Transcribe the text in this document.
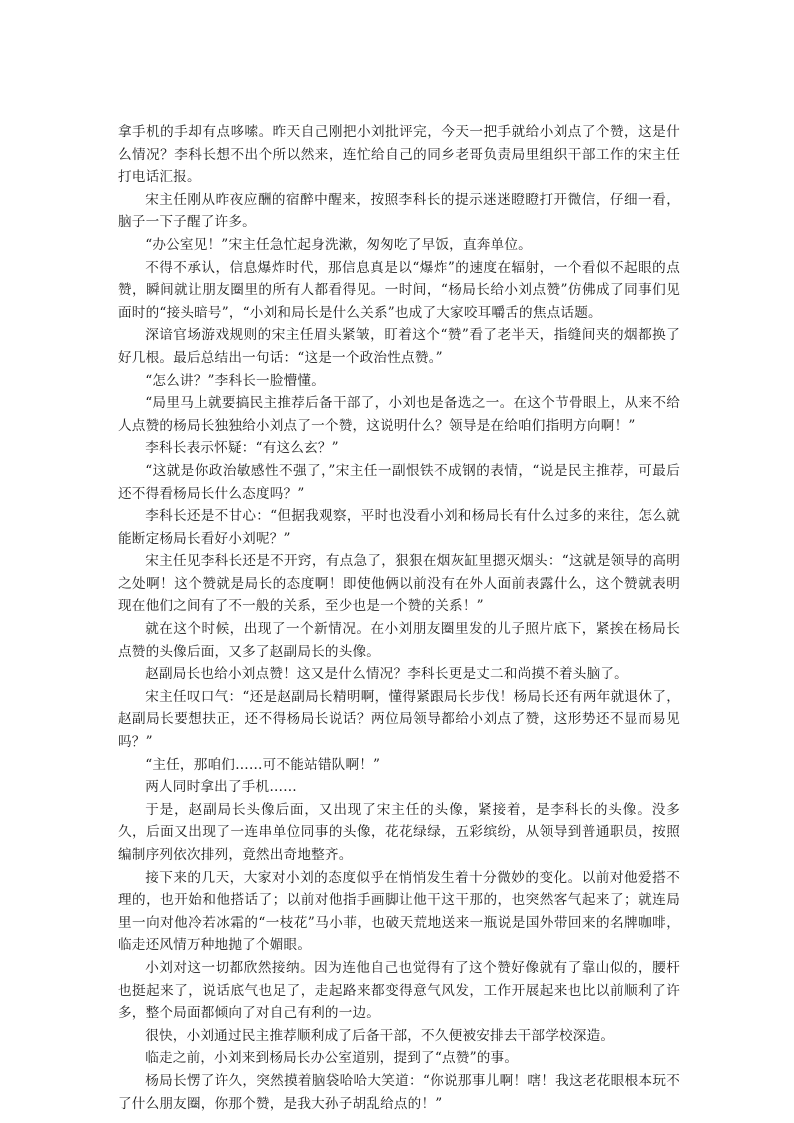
拿手机的手却有点哆嗦。昨天自己刚把小刘批评完，今天一把手就给小刘点了个赞，这是什么情况？李科长想不出个所以然来，连忙给自己的同乡老哥负责局里组织干部工作的宋主任打电话汇报。

宋主任刚从昨夜应酬的宿醉中醒来，按照李科长的提示迷迷瞪瞪打开微信，仔细一看，脑子一下子醒了许多。

“办公室见！”宋主任急忙起身洗漱，匆匆吃了早饭，直奔单位。

不得不承认，信息爆炸时代，那信息真是以“爆炸”的速度在辐射，一个看似不起眼的点赞，瞬间就让朋友圈里的所有人都看得见。一时间，“杨局长给小刘点赞”仿佛成了同事们见面时的“接头暗号”，“小刘和局长是什么关系”也成了大家咬耳嚼舌的焦点话题。

深谙官场游戏规则的宋主任眉头紧皱，盯着这个“赞”看了老半天，指缝间夹的烟都换了好几根。最后总结出一句话：“这是一个政治性点赞。”

“怎么讲？”李科长一脸懵懂。

“局里马上就要搞民主推荐后备干部了，小刘也是备选之一。在这个节骨眼上，从来不给人点赞的杨局长独独给小刘点了一个赞，这说明什么？领导是在给咱们指明方向啊！”

李科长表示怀疑：“有这么玄？”

“这就是你政治敏感性不强了，”宋主任一副恨铁不成钢的表情，“说是民主推荐，可最后还不得看杨局长什么态度吗？”

李科长还是不甘心：“但据我观察，平时也没看小刘和杨局长有什么过多的来往，怎么就能断定杨局长看好小刘呢？”

宋主任见李科长还是不开窍，有点急了，狠狠在烟灰缸里摁灭烟头：“这就是领导的高明之处啊！这个赞就是局长的态度啊！即使他俩以前没有在外人面前表露什么，这个赞就表明现在他们之间有了不一般的关系，至少也是一个赞的关系！”

就在这个时候，出现了一个新情况。在小刘朋友圈里发的儿子照片底下，紧挨在杨局长点赞的头像后面，又多了赵副局长的头像。

赵副局长也给小刘点赞！这又是什么情况？李科长更是丈二和尚摸不着头脑了。

宋主任叹口气：“还是赵副局长精明啊，懂得紧跟局长步伐！杨局长还有两年就退休了，赵副局长要想扶正，还不得杨局长说话？两位局领导都给小刘点了赞，这形势还不显而易见吗？”

“主任，那咱们……可不能站错队啊！”

两人同时拿出了手机……

于是，赵副局长头像后面，又出现了宋主任的头像，紧接着，是李科长的头像。没多久，后面又出现了一连串单位同事的头像，花花绿绿，五彩缤纷，从领导到普通职员，按照编制序列依次排列，竟然出奇地整齐。

接下来的几天，大家对小刘的态度似乎在悄悄发生着十分微妙的变化。以前对他爱搭不理的，也开始和他搭话了；以前对他指手画脚让他干这干那的，也突然客气起来了；就连局里一向对他冷若冰霜的“一枝花”马小菲，也破天荒地送来一瓶说是国外带回来的名牌咖啡，临走还风情万种地抛了个媚眼。

小刘对这一切都欣然接纳。因为连他自己也觉得有了这个赞好像就有了靠山似的，腰杆也挺起来了，说话底气也足了，走起路来都变得意气风发，工作开展起来也比以前顺利了许多，整个局面都倾向了对自己有利的一边。

很快，小刘通过民主推荐顺利成了后备干部，不久便被安排去干部学校深造。

临走之前，小刘来到杨局长办公室道别，提到了“点赞”的事。

杨局长愣了许久，突然摸着脑袋哈哈大笑道：“你说那事儿啊！嗐！我这老花眼根本玩不了什么朋友圈，你那个赞，是我大孙子胡乱给点的！”
